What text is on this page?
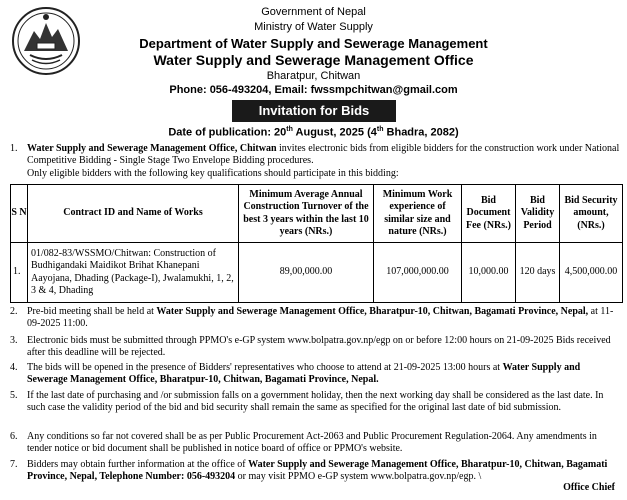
Government of Nepal
Ministry of Water Supply
Department of Water Supply and Sewerage Management
Water Supply and Sewerage Management Office
Bharatpur, Chitwan
Phone: 056-493204, Email: fwssmpchitwan@gmail.com
Invitation for Bids
Date of publication: 20th August, 2025 (4th Bhadra, 2082)
1. Water Supply and Sewerage Management Office, Chitwan invites electronic bids from eligible bidders for the construction work under National Competitive Bidding - Single Stage Two Envelope Bidding procedures.
Only eligible bidders with the following key qualifications should participate in this bidding:
S N	Contract ID and Name of Works	Minimum Average Annual Construction Turnover of the best 3 years within the last 10 years (NRs.)	Minimum Work experience of similar size and nature (NRs.)	Bid Document Fee (NRs.)	Bid Validity Period	Bid Security amount, (NRs.)
1.	01/082-83/WSSMO/Chitwan: Construction of Budhigandaki Maidikot Brihat Khanepani Aayojana, Dhading (Package-I), Jwalamukhi, 1, 2, 3 & 4, Dhading	89,00,000.00	107,000,000.00	10,000.00	120 days	4,500,000.00
2. Pre-bid meeting shall be held at Water Supply and Sewerage Management Office, Bharatpur-10, Chitwan, Bagamati Province, Nepal, at 11-09-2025 11:00.
3. Electronic bids must be submitted through PPMO's e-GP system www.bolpatra.gov.np/egp on or before 12:00 hours on 21-09-2025 Bids received after this deadline will be rejected.
4. The bids will be opened in the presence of Bidders' representatives who choose to attend at 21-09-2025 13:00 hours at Water Supply and Sewerage Management Office, Bharatpur-10, Chitwan, Bagamati Province, Nepal.
5. If the last date of purchasing and /or submission falls on a government holiday, then the next working day shall be considered as the last date. In such case the validity period of the bid and bid security shall remain the same as specified for the original last date of bid submission.
6. Any conditions so far not covered shall be as per Public Procurement Act-2063 and Public Procurement Regulation-2064. Any amendments in tender notice or bid document shall be published in notice board of office or PPMO's website.
7. Bidders may obtain further information at the office of Water Supply and Sewerage Management Office, Bharatpur-10, Chitwan, Bagamati Province, Nepal, Telephone Number: 056-493204 or may visit PPMO e-GP system www.bolpatra.gov.np/egp. \
Office Chief
